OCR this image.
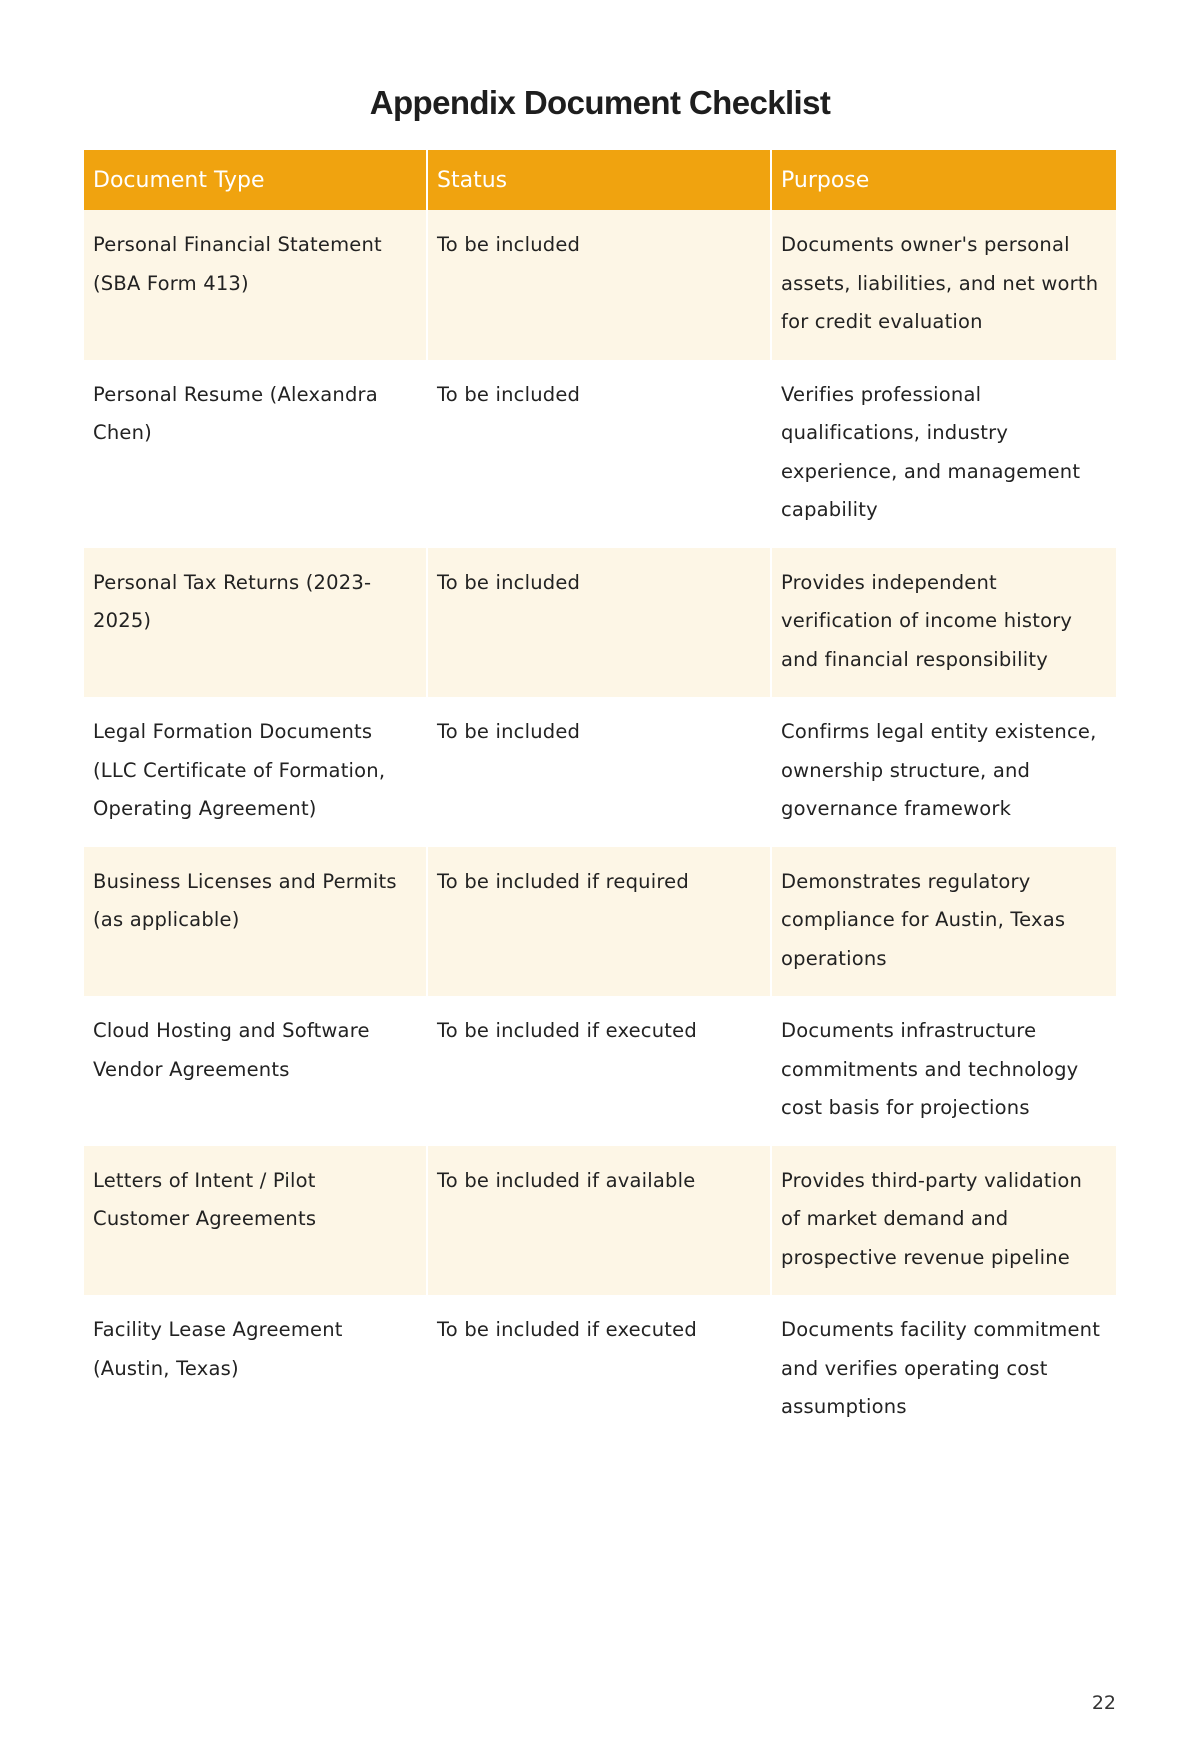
Appendix Document Checklist
Document Type	Status	Purpose
Personal Financial Statement (SBA Form 413)	To be included	Documents owner's personal assets, liabilities, and net worth for credit evaluation
Personal Resume (Alexandra Chen)	To be included	Verifies professional qualifications, industry experience, and management capability
Personal Tax Returns (2023-2025)	To be included	Provides independent verification of income history and financial responsibility
Legal Formation Documents (LLC Certificate of Formation, Operating Agreement)	To be included	Confirms legal entity existence, ownership structure, and governance framework
Business Licenses and Permits (as applicable)	To be included if required	Demonstrates regulatory compliance for Austin, Texas operations
Cloud Hosting and Software Vendor Agreements	To be included if executed	Documents infrastructure commitments and technology cost basis for projections
Letters of Intent / Pilot Customer Agreements	To be included if available	Provides third-party validation of market demand and prospective revenue pipeline
Facility Lease Agreement (Austin, Texas)	To be included if executed	Documents facility commitment and verifies operating cost assumptions
22
